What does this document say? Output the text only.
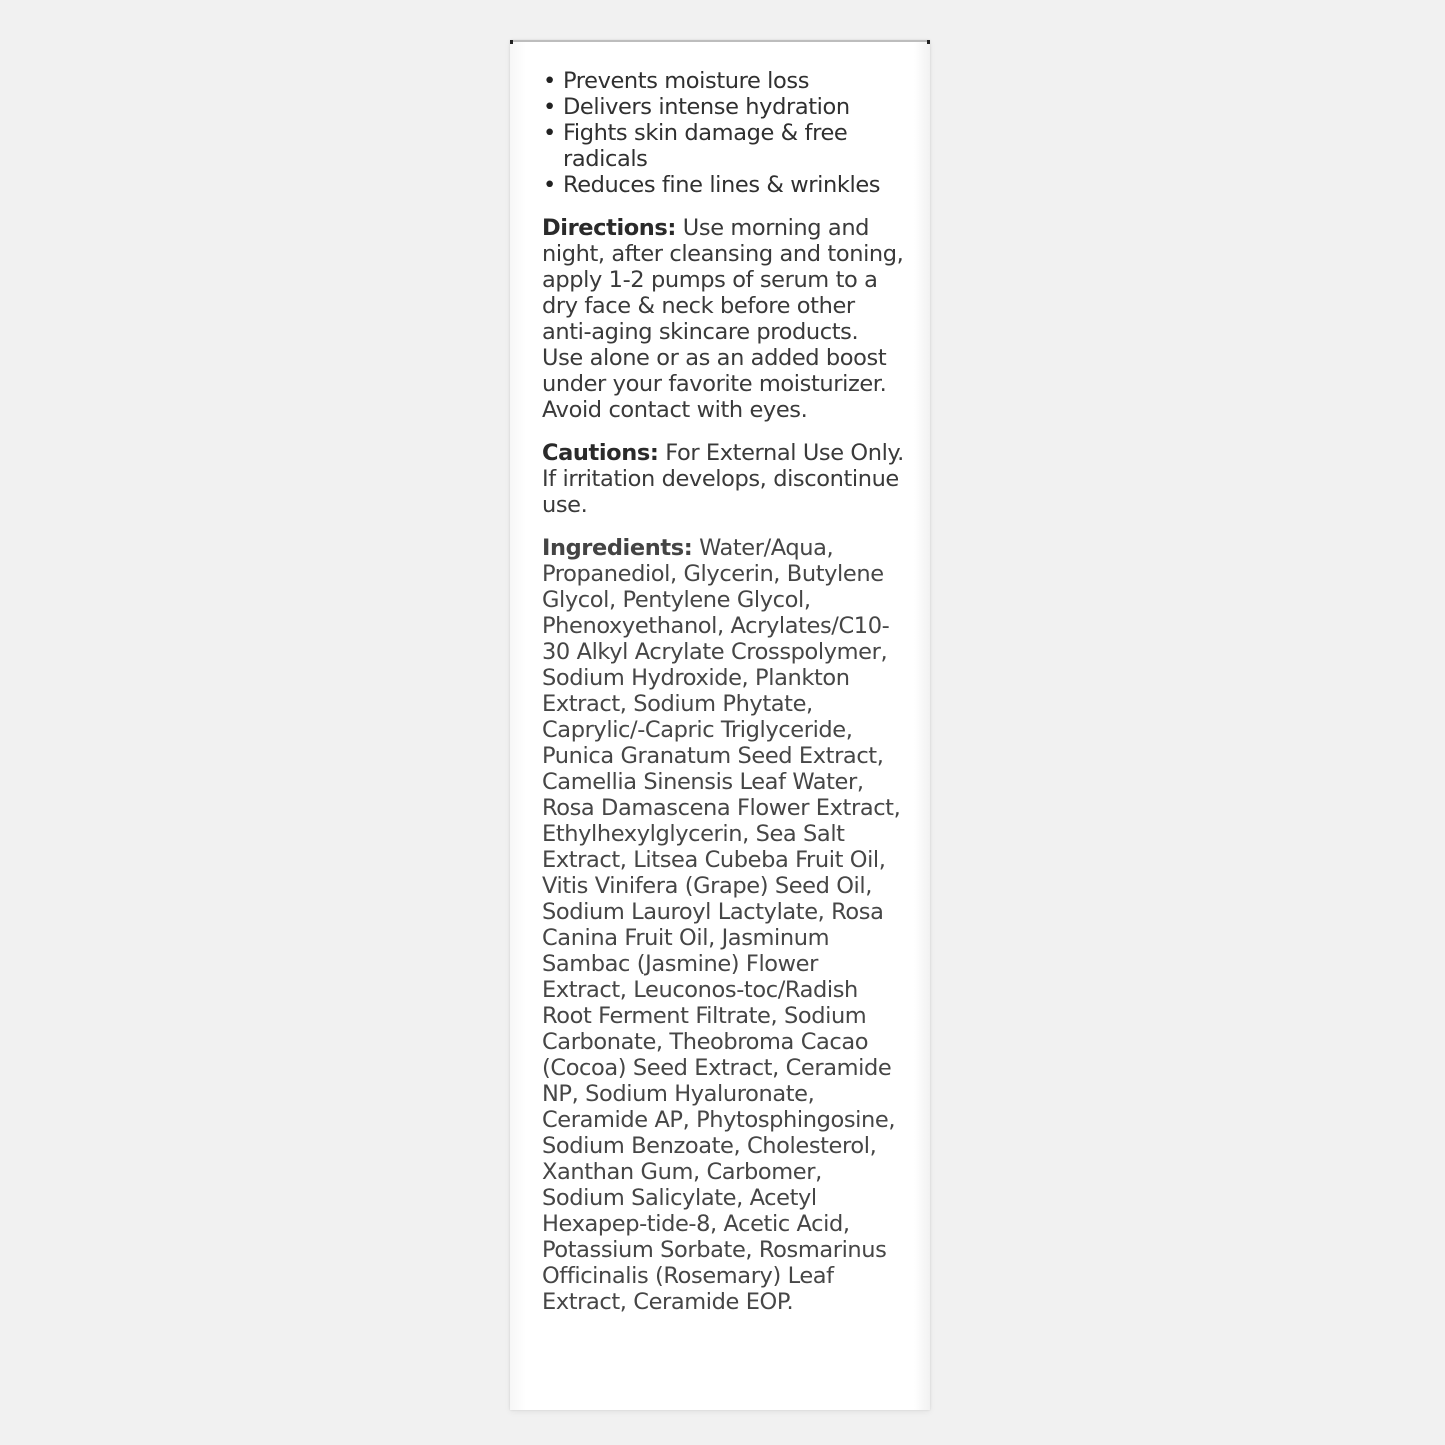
• Prevents moisture loss
• Delivers intense hydration
• Fights skin damage & free radicals
• Reduces fine lines & wrinkles
Directions: Use morning and night, after cleansing and toning, apply 1-2 pumps of serum to a dry face & neck before other anti-aging skincare products. Use alone or as an added boost under your favorite moisturizer. Avoid contact with eyes.
Cautions: For External Use Only. If irritation develops, discontinue use.
Ingredients: Water/Aqua, Propanediol, Glycerin, Butylene Glycol, Pentylene Glycol, Phenoxyethanol, Acrylates/C10-30 Alkyl Acrylate Crosspolymer, Sodium Hydroxide, Plankton Extract, Sodium Phytate, Caprylic/-Capric Triglyceride, Punica Granatum Seed Extract, Camellia Sinensis Leaf Water, Rosa Damascena Flower Extract, Ethylhexylglycerin, Sea Salt Extract, Litsea Cubeba Fruit Oil, Vitis Vinifera (Grape) Seed Oil, Sodium Lauroyl Lactylate, Rosa Canina Fruit Oil, Jasminum Sambac (Jasmine) Flower Extract, Leuconos-toc/Radish Root Ferment Filtrate, Sodium Carbonate, Theobroma Cacao (Cocoa) Seed Extract, Ceramide NP, Sodium Hyaluronate, Ceramide AP, Phytosphingosine, Sodium Benzoate, Cholesterol, Xanthan Gum, Carbomer, Sodium Salicylate, Acetyl Hexapep-tide-8, Acetic Acid, Potassium Sorbate, Rosmarinus Officinalis (Rosemary) Leaf Extract, Ceramide EOP.
